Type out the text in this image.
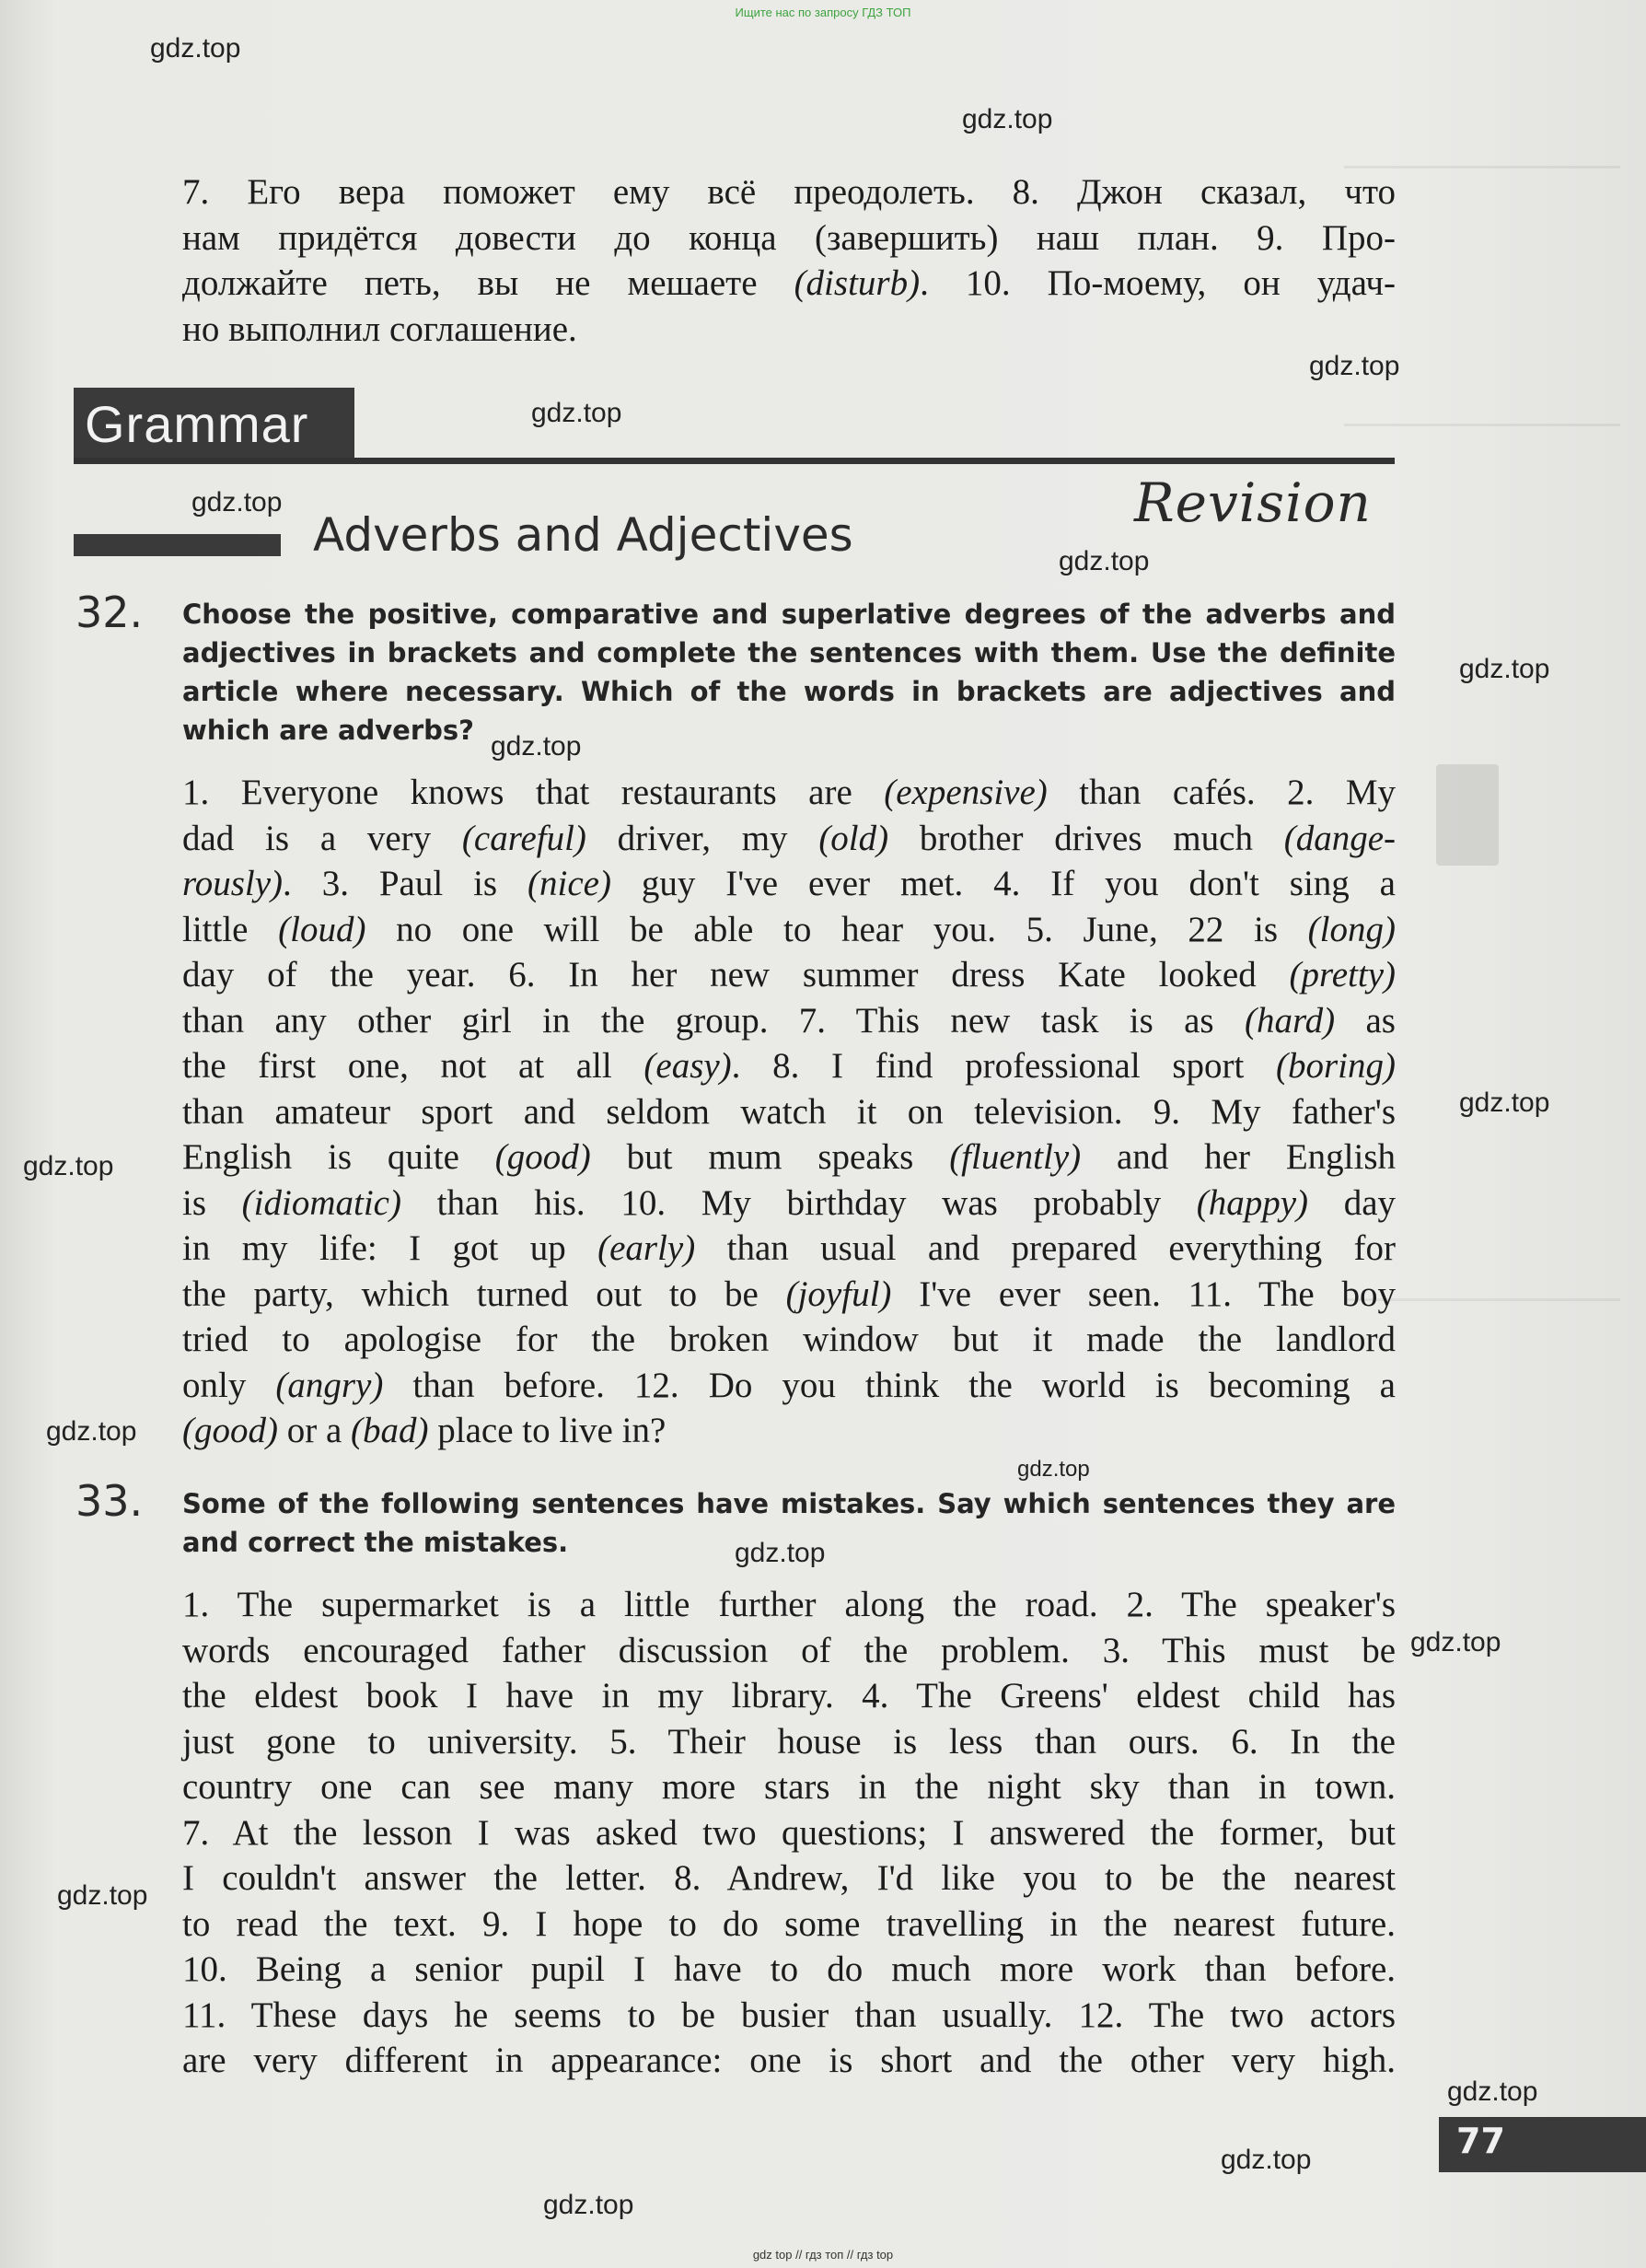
Ищите нас по запросу ГДЗ ТОП
7. Его вера поможет ему всё преодолеть. 8. Джон сказал, что
нам придётся довести до конца (завершить) наш план. 9. Про-
должайте петь, вы не мешаете (disturb). 10. По-моему, он удач-
но выполнил соглашение.
Grammar
Revision
Adverbs and Adjectives
32. Choose the positive, comparative and superlative degrees of the adverbs and adjectives in brackets and complete the sentences with them. Use the definite article where necessary. Which of the words in brackets are adjectives and which are adverbs?
1. Everyone knows that restaurants are (expensive) than cafés. 2. My
dad is a very (careful) driver, my (old) brother drives much (dange-
rously). 3. Paul is (nice) guy I've ever met. 4. If you don't sing a
little (loud) no one will be able to hear you. 5. June, 22 is (long)
day of the year. 6. In her new summer dress Kate looked (pretty)
than any other girl in the group. 7. This new task is as (hard) as
the first one, not at all (easy). 8. I find professional sport (boring)
than amateur sport and seldom watch it on television. 9. My father's
English is quite (good) but mum speaks (fluently) and her English
is (idiomatic) than his. 10. My birthday was probably (happy) day
in my life: I got up (early) than usual and prepared everything for
the party, which turned out to be (joyful) I've ever seen. 11. The boy
tried to apologise for the broken window but it made the landlord
only (angry) than before. 12. Do you think the world is becoming a
(good) or a (bad) place to live in?
33. Some of the following sentences have mistakes. Say which sentences they are and correct the mistakes.
1. The supermarket is a little further along the road. 2. The speaker's
words encouraged father discussion of the problem. 3. This must be
the eldest book I have in my library. 4. The Greens' eldest child has
just gone to university. 5. Their house is less than ours. 6. In the
country one can see many more stars in the night sky than in town.
7. At the lesson I was asked two questions; I answered the former, but
I couldn't answer the letter. 8. Andrew, I'd like you to be the nearest
to read the text. 9. I hope to do some travelling in the nearest future.
10. Being a senior pupil I have to do much more work than before.
11. These days he seems to be busier than usually. 12. The two actors
are very different in appearance: one is short and the other very high.
77
gdz.top
gdz.top
gdz.top
gdz.top
gdz.top
gdz.top
gdz.top
gdz.top
gdz.top
gdz.top
gdz.top
gdz.top
gdz.top
gdz.top
gdz.top
gdz.top
gdz.top
gdz.top
gdz top // гдз топ // гдз top
